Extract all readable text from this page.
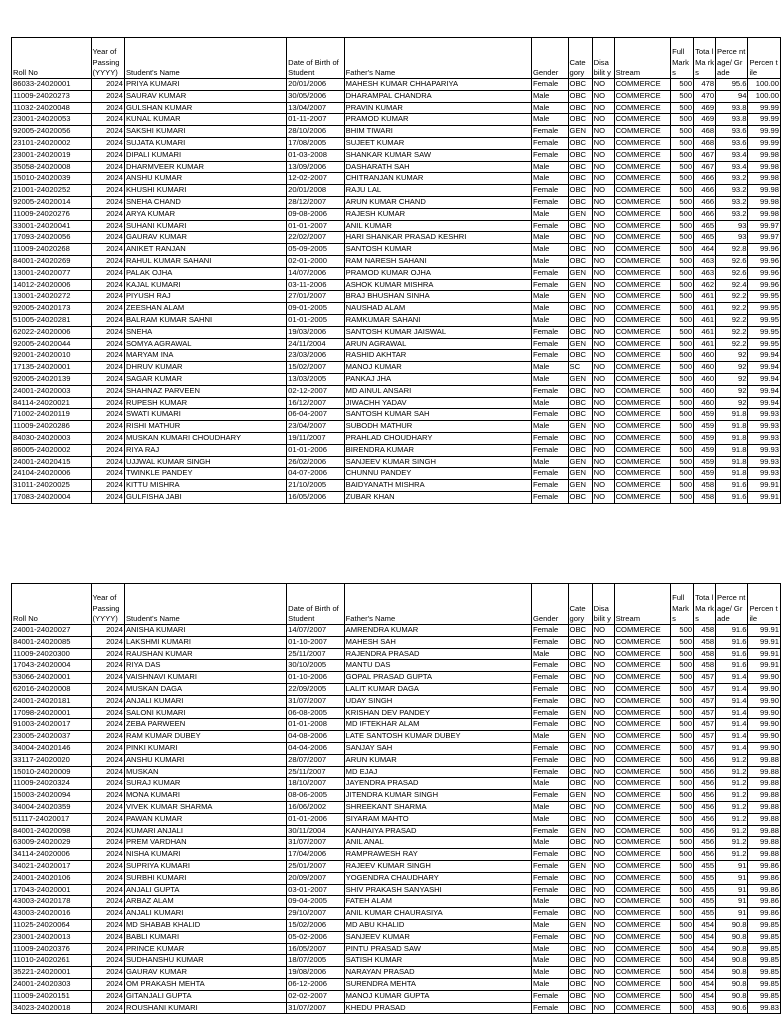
Roll No	Year of Passing (YYYY)	Student's Name	Date of Birth of Student	Father's Name	Gender	Cate gory	Disa bilit y	Stream	Full Mark s	Tota l Ma rks	Perce ntage/ Grade	Percen tile
86033-24020001	2024	PRIYA KUMARI	20/01/2006	MAHESH KUMAR CHHAPARIYA	Female	OBC	NO	COMMERCE	500	478	95.6	100.00
11009-24020273	2024	SAURAV KUMAR	30/05/2006	DHARAMPAL CHANDRA	Male	OBC	NO	COMMERCE	500	470	94	100.00
11032-24020048	2024	GULSHAN KUMAR	13/04/2007	PRAVIN KUMAR	Male	OBC	NO	COMMERCE	500	469	93.8	99.99
23001-24020053	2024	KUNAL KUMAR	01-11-2007	PRAMOD KUMAR	Male	OBC	NO	COMMERCE	500	469	93.8	99.99
92005-24020056	2024	SAKSHI KUMARI	28/10/2006	BHIM TIWARI	Female	GEN	NO	COMMERCE	500	468	93.6	99.99
23101-24020002	2024	SUJATA KUMARI	17/08/2005	SUJEET KUMAR	Female	OBC	NO	COMMERCE	500	468	93.6	99.99
23001-24020019	2024	DIPALI KUMARI	01-03-2008	SHANKAR KUMAR SAW	Female	OBC	NO	COMMERCE	500	467	93.4	99.98
35058-24020008	2024	DHARMVEER KUMAR	13/09/2006	DASHARATH SAH	Male	OBC	NO	COMMERCE	500	467	93.4	99.98
15010-24020039	2024	ANSHU KUMAR	12-02-2007	CHITRANJAN KUMAR	Male	OBC	NO	COMMERCE	500	466	93.2	99.98
21001-24020252	2024	KHUSHI KUMARI	20/01/2008	RAJU LAL	Female	OBC	NO	COMMERCE	500	466	93.2	99.98
92005-24020014	2024	SNEHA CHAND	28/12/2007	ARUN KUMAR CHAND	Female	OBC	NO	COMMERCE	500	466	93.2	99.98
11009-24020276	2024	ARYA KUMAR	09-08-2006	RAJESH KUMAR	Male	GEN	NO	COMMERCE	500	466	93.2	99.98
33001-24020041	2024	SUHANI KUMARI	01-01-2007	ANIL KUMAR	Female	OBC	NO	COMMERCE	500	465	93	99.97
17093-24020056	2024	GAURAV KUMAR	22/02/2007	HARI SHANKAR PRASAD KESHRI	Male	OBC	NO	COMMERCE	500	465	93	99.97
11009-24020268	2024	ANIKET RANJAN	05-09-2005	SANTOSH KUMAR	Male	OBC	NO	COMMERCE	500	464	92.8	99.96
84001-24020269	2024	RAHUL KUMAR SAHANI	02-01-2000	RAM NARESH SAHANI	Male	OBC	NO	COMMERCE	500	463	92.6	99.96
13001-24020077	2024	PALAK OJHA	14/07/2006	PRAMOD KUMAR OJHA	Female	GEN	NO	COMMERCE	500	463	92.6	99.96
14012-24020006	2024	KAJAL KUMARI	03-11-2006	ASHOK KUMAR MISHRA	Female	GEN	NO	COMMERCE	500	462	92.4	99.96
13001-24020272	2024	PIYUSH RAJ	27/01/2007	BRAJ BHUSHAN SINHA	Male	GEN	NO	COMMERCE	500	461	92.2	99.95
92005-24020173	2024	ZEESHAN ALAM	09-01-2005	NAUSHAD ALAM	Male	OBC	NO	COMMERCE	500	461	92.2	99.95
51005-24020281	2024	BALRAM KUMAR SAHNI	01-01-2005	RAMKUMAR SAHANI	Male	OBC	NO	COMMERCE	500	461	92.2	99.95
62022-24020006	2024	SNEHA	19/03/2006	SANTOSH KUMAR JAISWAL	Female	OBC	NO	COMMERCE	500	461	92.2	99.95
92005-24020044	2024	SOMYA AGRAWAL	24/11/2004	ARUN AGRAWAL	Female	GEN	NO	COMMERCE	500	461	92.2	99.95
92001-24020010	2024	MARYAM INA	23/03/2006	RASHID AKHTAR	Female	OBC	NO	COMMERCE	500	460	92	99.94
17135-24020001	2024	DHRUV KUMAR	15/02/2007	MANOJ KUMAR	Male	SC	NO	COMMERCE	500	460	92	99.94
92005-24020139	2024	SAGAR KUMAR	13/03/2005	PANKAJ JHA	Male	GEN	NO	COMMERCE	500	460	92	99.94
24001-24020003	2024	SHAHNAZ PARVEEN	02-12-2007	MD AINUL ANSARI	Female	OBC	NO	COMMERCE	500	460	92	99.94
84114-24020021	2024	RUPESH KUMAR	16/12/2007	JIWACHH YADAV	Male	OBC	NO	COMMERCE	500	460	92	99.94
71002-24020119	2024	SWATI KUMARI	06-04-2007	SANTOSH KUMAR SAH	Female	OBC	NO	COMMERCE	500	459	91.8	99.93
11009-24020286	2024	RISHI MATHUR	23/04/2007	SUBODH MATHUR	Male	GEN	NO	COMMERCE	500	459	91.8	99.93
84030-24020003	2024	MUSKAN KUMARI CHOUDHARY	19/11/2007	PRAHLAD CHOUDHARY	Female	OBC	NO	COMMERCE	500	459	91.8	99.93
86005-24020002	2024	RIYA RAJ	01-01-2006	BIRENDRA KUMAR	Female	OBC	NO	COMMERCE	500	459	91.8	99.93
24001-24020415	2024	UJJWAL KUMAR SINGH	26/02/2006	SANJEEV KUMAR SINGH	Male	GEN	NO	COMMERCE	500	459	91.8	99.93
24104-24020006	2024	TWINKLE PANDEY	04-07-2006	CHUNNU PANDEY	Female	GEN	NO	COMMERCE	500	459	91.8	99.93
31011-24020025	2024	KITTU MISHRA	21/10/2005	BAIDYANATH MISHRA	Female	GEN	NO	COMMERCE	500	458	91.6	99.91
17083-24020004	2024	GULFISHA JABI	16/05/2006	ZUBAR KHAN	Female	OBC	NO	COMMERCE	500	458	91.6	99.91
Roll No	Year of Passing (YYYY)	Student's Name	Date of Birth of Student	Father's Name	Gender	Cate gory	Disa bilit y	Stream	Full Mark s	Tota l Ma rks	Perce ntage/ Grade	Percen tile
24001-24020027	2024	ANISHA KUMARI	14/07/2007	AMRENDRA KUMAR	Female	OBC	NO	COMMERCE	500	458	91.6	99.91
84001-24020085	2024	LAKSHMI KUMARI	01-10-2007	MAHESH SAH	Female	OBC	NO	COMMERCE	500	458	91.6	99.91
11009-24020300	2024	RAUSHAN KUMAR	25/11/2007	RAJENDRA PRASAD	Male	OBC	NO	COMMERCE	500	458	91.6	99.91
17043-24020004	2024	RIYA DAS	30/10/2005	MANTU DAS	Female	OBC	NO	COMMERCE	500	458	91.6	99.91
53066-24020001	2024	VAISHNAVI KUMARI	01-10-2006	GOPAL PRASAD GUPTA	Female	OBC	NO	COMMERCE	500	457	91.4	99.90
62016-24020008	2024	MUSKAN DAGA	22/09/2005	LALIT KUMAR DAGA	Female	OBC	NO	COMMERCE	500	457	91.4	99.90
24001-24020181	2024	ANJALI KUMARI	31/07/2007	UDAY SINGH	Female	OBC	NO	COMMERCE	500	457	91.4	99.90
17098-24020001	2024	SALONI KUMARI	06-08-2005	KRISHAN DEV PANDEY	Female	GEN	NO	COMMERCE	500	457	91.4	99.90
91003-24020017	2024	ZEBA PARWEEN	01-01-2008	MD IFTEKHAR ALAM	Female	OBC	NO	COMMERCE	500	457	91.4	99.90
23005-24020037	2024	RAM KUMAR DUBEY	04-08-2006	LATE SANTOSH KUMAR DUBEY	Male	GEN	NO	COMMERCE	500	457	91.4	99.90
34004-24020146	2024	PINKI KUMARI	04-04-2006	SANJAY SAH	Female	OBC	NO	COMMERCE	500	457	91.4	99.90
33117-24020020	2024	ANSHU KUMARI	28/07/2007	ARUN KUMAR	Female	OBC	NO	COMMERCE	500	456	91.2	99.88
15010-24020009	2024	MUSKAN	25/11/2007	MD EJAJ	Female	OBC	NO	COMMERCE	500	456	91.2	99.88
11009-24020324	2024	SURAJ KUMAR	18/10/2007	JAYENDRA PRASAD	Male	OBC	NO	COMMERCE	500	456	91.2	99.88
15003-24020094	2024	MONA KUMARI	08-06-2005	JITENDRA KUMAR SINGH	Female	GEN	NO	COMMERCE	500	456	91.2	99.88
34004-24020359	2024	VIVEK KUMAR SHARMA	16/06/2002	SHREEKANT SHARMA	Male	OBC	NO	COMMERCE	500	456	91.2	99.88
51117-24020017	2024	PAWAN KUMAR	01-01-2006	SIYARAM MAHTO	Male	OBC	NO	COMMERCE	500	456	91.2	99.88
84001-24020098	2024	KUMARI ANJALI	30/11/2004	KANHAIYA PRASAD	Female	GEN	NO	COMMERCE	500	456	91.2	99.88
63009-24020029	2024	PREM VARDHAN	31/07/2007	ANIL ANAL	Male	OBC	NO	COMMERCE	500	456	91.2	99.88
34114-24020006	2024	NISHA KUMARI	17/04/2006	RAMPRAWESH RAY	Female	OBC	NO	COMMERCE	500	456	91.2	99.88
34021-24020017	2024	SUPRIYA KUMARI	25/01/2007	RAJEEV KUMAR SINGH	Female	GEN	NO	COMMERCE	500	455	91	99.86
24001-24020106	2024	SURBHI KUMARI	20/09/2007	YOGENDRA CHAUDHARY	Female	OBC	NO	COMMERCE	500	455	91	99.86
17043-24020001	2024	ANJALI GUPTA	03-01-2007	SHIV PRAKASH SANYASHI	Female	OBC	NO	COMMERCE	500	455	91	99.86
43003-24020178	2024	ARBAZ ALAM	09-04-2005	FATEH ALAM	Male	OBC	NO	COMMERCE	500	455	91	99.86
43003-24020016	2024	ANJALI KUMARI	29/10/2007	ANIL KUMAR CHAURASIYA	Female	OBC	NO	COMMERCE	500	455	91	99.86
11025-24020064	2024	MD SHABAB KHALID	15/02/2006	MD ABU KHALID	Male	GEN	NO	COMMERCE	500	454	90.8	99.85
23001-24020013	2024	BABLI KUMARI	05-02-2006	SANJEEV KUMAR	Female	OBC	NO	COMMERCE	500	454	90.8	99.85
11009-24020376	2024	PRINCE KUMAR	16/05/2007	PINTU PRASAD SAW	Male	OBC	NO	COMMERCE	500	454	90.8	99.85
11010-24020261	2024	SUDHANSHU KUMAR	18/07/2005	SATISH KUMAR	Male	OBC	NO	COMMERCE	500	454	90.8	99.85
35221-24020001	2024	GAURAV KUMAR	19/08/2006	NARAYAN PRASAD	Male	OBC	NO	COMMERCE	500	454	90.8	99.85
24001-24020303	2024	OM PRAKASH MEHTA	06-12-2006	SURENDRA MEHTA	Male	OBC	NO	COMMERCE	500	454	90.8	99.85
11009-24020151	2024	GITANJALI GUPTA	02-02-2007	MANOJ KUMAR GUPTA	Female	OBC	NO	COMMERCE	500	454	90.8	99.85
34023-24020018	2024	ROUSHANI KUMARI	31/07/2007	KHEDU PRASAD	Female	OBC	NO	COMMERCE	500	453	90.6	99.83
